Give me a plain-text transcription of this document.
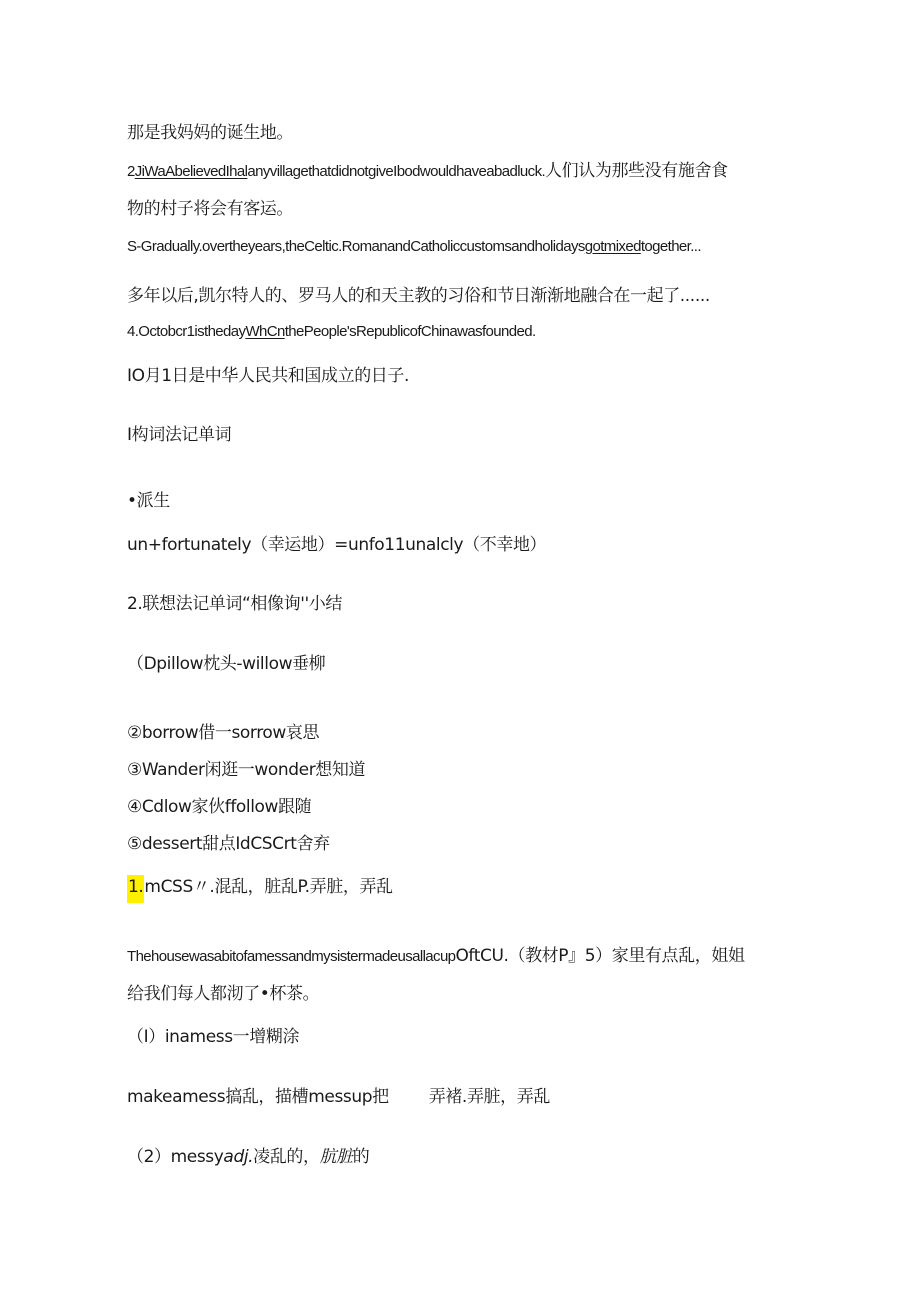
那是我妈妈的诞生地。
2JiWaAbelievedIhalanyvillagethatdidnotgiveIbodwouldhaveabadluck.人们认为那些没有施舍食
物的村子将会有客运。
S-Gradually.overtheyears,theCeltic.RomanandCatholiccustomsandholidaysgotmixedtogether...
多年以后,凯尔特人的、罗马人的和天主教的习俗和节日渐渐地融合在一起了......
4.Octobcr1isthedayWhCnthePeople'sRepublicofChinawasfounded.
IO月1日是中华人民共和国成立的日子.
I构词法记单词
•派生
un+fortunately（幸运地）=unfo11unalcly（不幸地）
2.联想法记单词“相像询''小结
（Dpillow枕头-willow垂柳
②borrow借一sorrow哀思
③Wander闲逛一wonder想知道
④Cdlow家伙ffollow跟随
⑤dessert甜点IdCSCrt舍弃
1.mCSS〃.混乱，脏乱P.弄脏，弄乱
ThehousewasabitofamessandmysistermadeusallacupOftCU.（教材P』5）家里有点乱，姐姐
给我们每人都沏了•杯茶。
（I）inamess一增糊涂
makeamess搞乱，描槽messup把 弄褚.弄脏，弄乱
（2）messyadj.凌乱的，肮脏的
